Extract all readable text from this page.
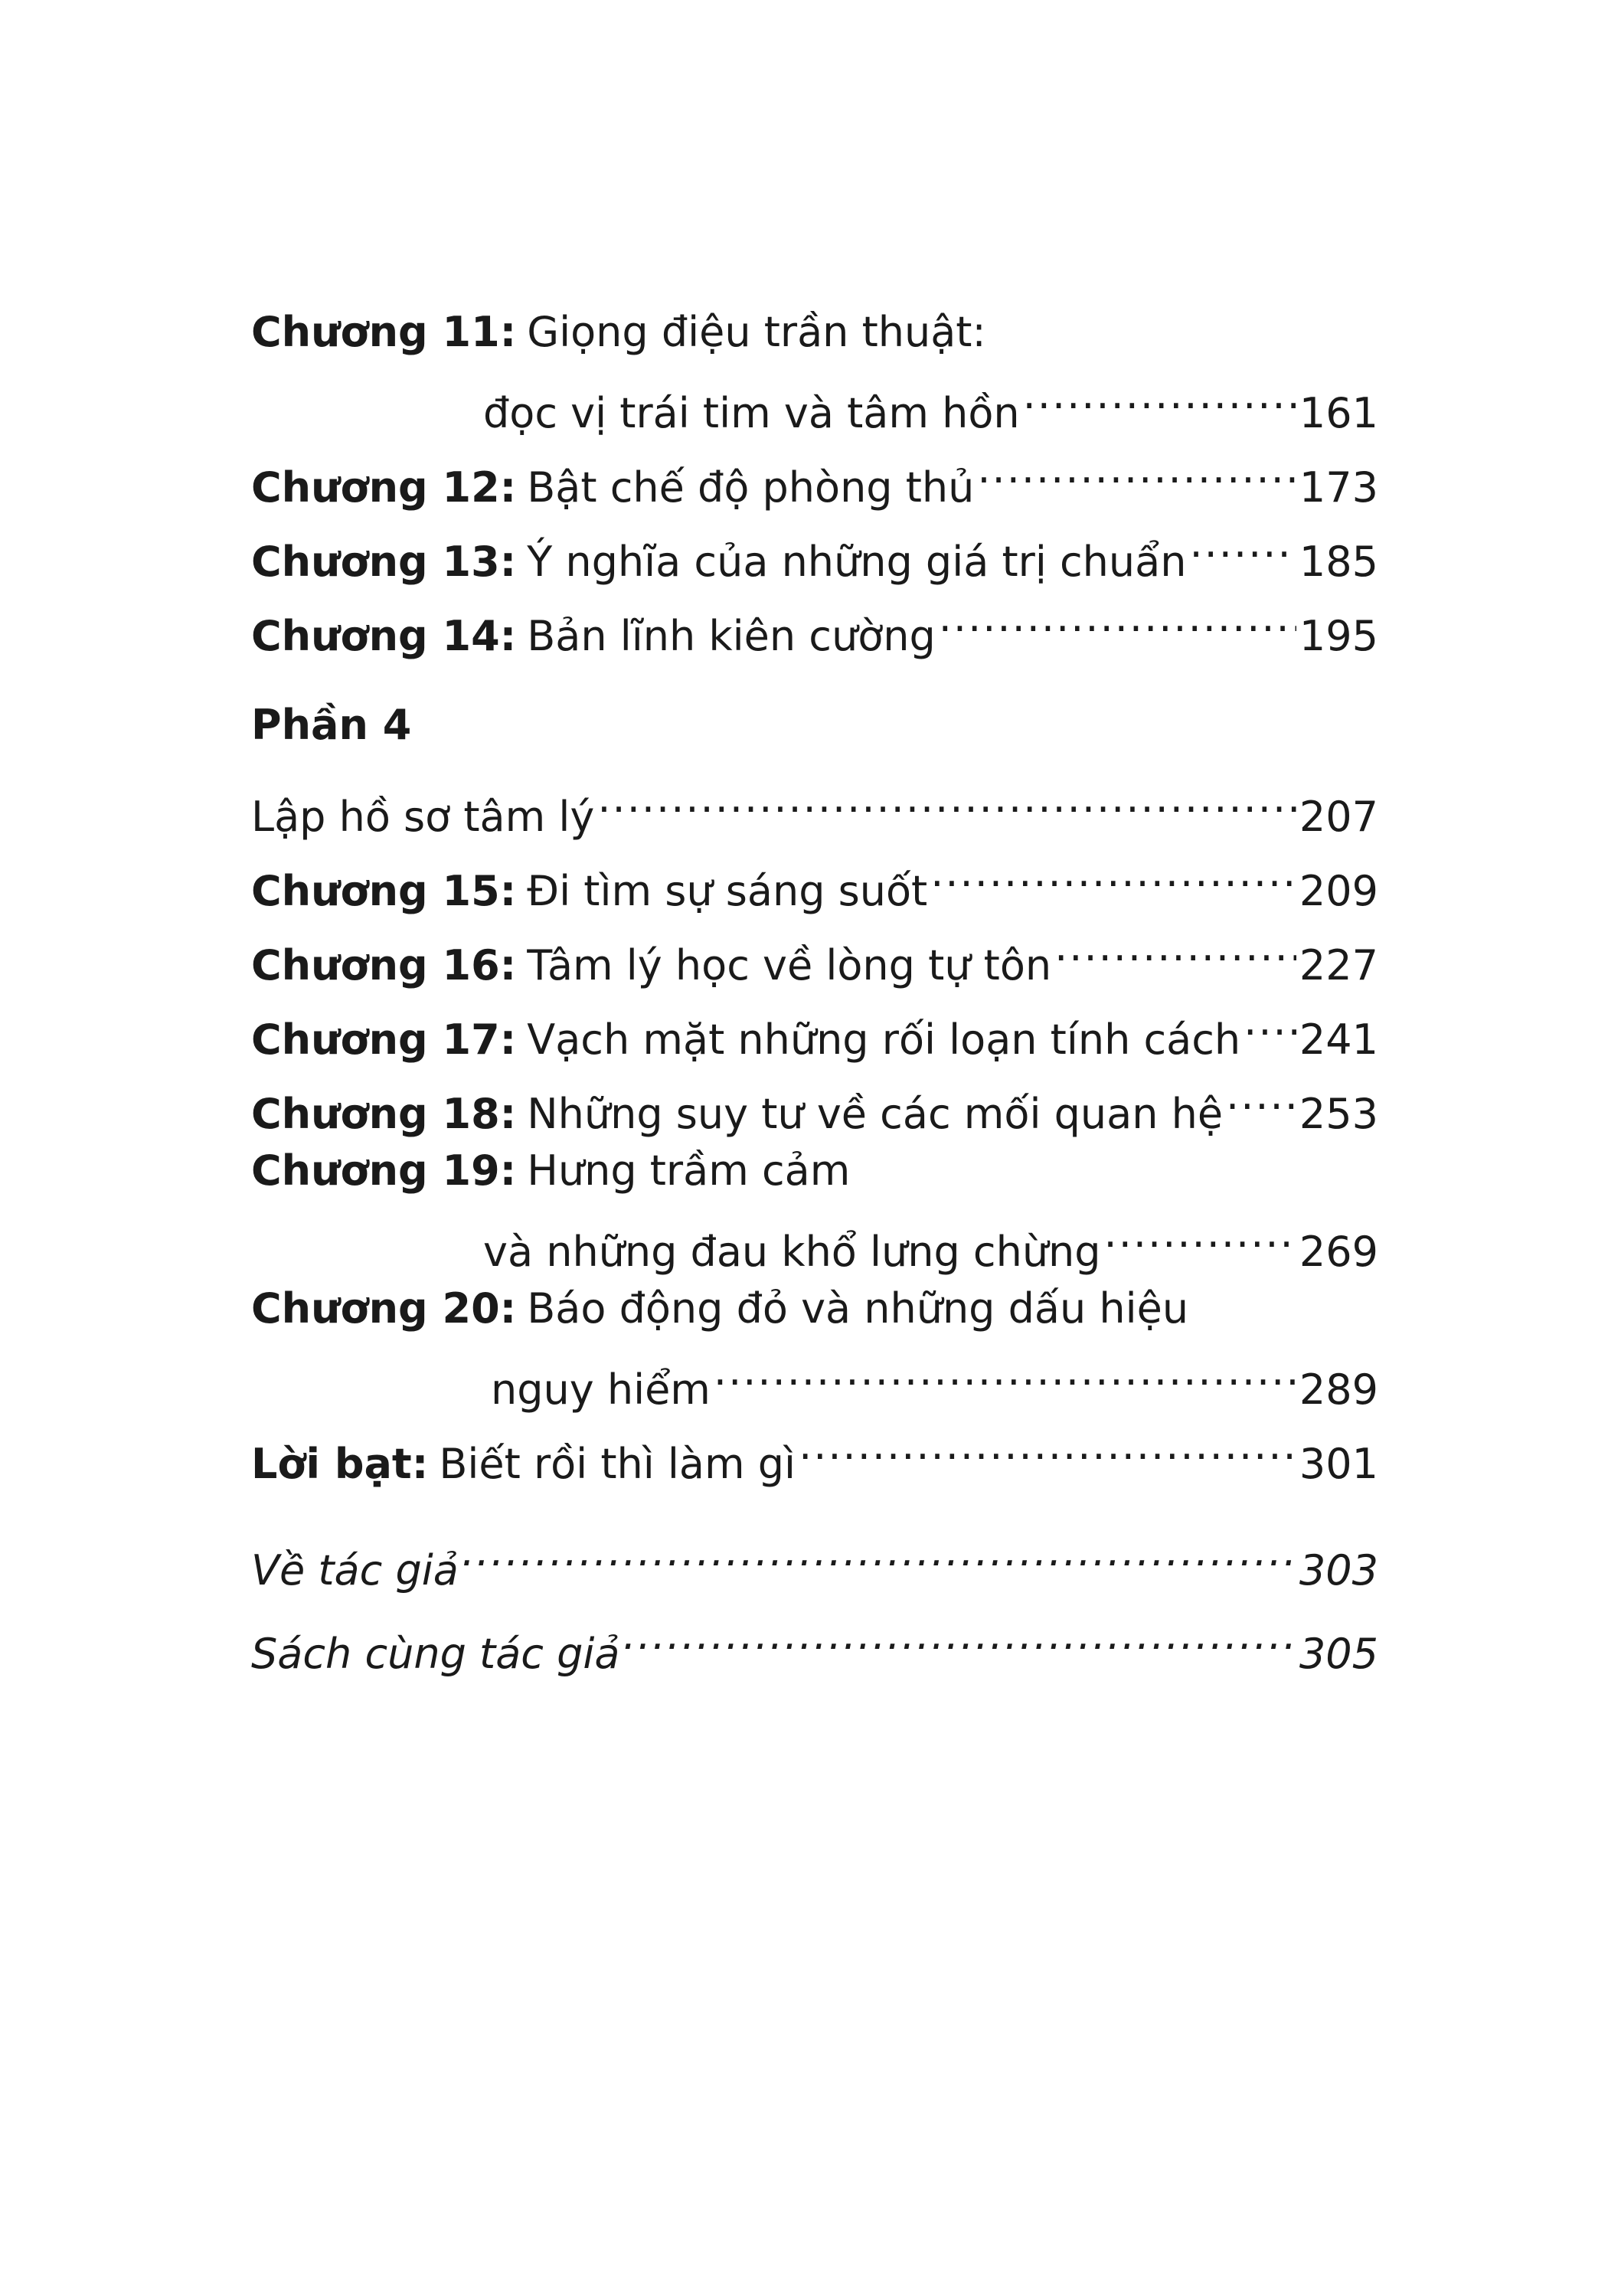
Chương 11: Giọng điệu trần thuật:
đọc vị trái tim và tâm hồn .....	161
Chương 12: Bật chế độ phòng thủ .....	173
Chương 13: Ý nghĩa của những giá trị chuẩn .....	185
Chương 14: Bản lĩnh kiên cường .....	195
Phần 4
Lập hồ sơ tâm lý .....	207
Chương 15: Đi tìm sự sáng suốt .....	209
Chương 16: Tâm lý học về lòng tự tôn .....	227
Chương 17: Vạch mặt những rối loạn tính cách ..... 241
Chương 18: Những suy tư về các mối quan hệ ..... 253
Chương 19: Hưng trầm cảm
và những đau khổ lưng chừng .....	269
Chương 20: Báo động đỏ và những dấu hiệu
nguy hiểm .....	289
Lời bạt: Biết rồi thì làm gì .....	301
Về tác giả .....	303
Sách cùng tác giả .....	305
